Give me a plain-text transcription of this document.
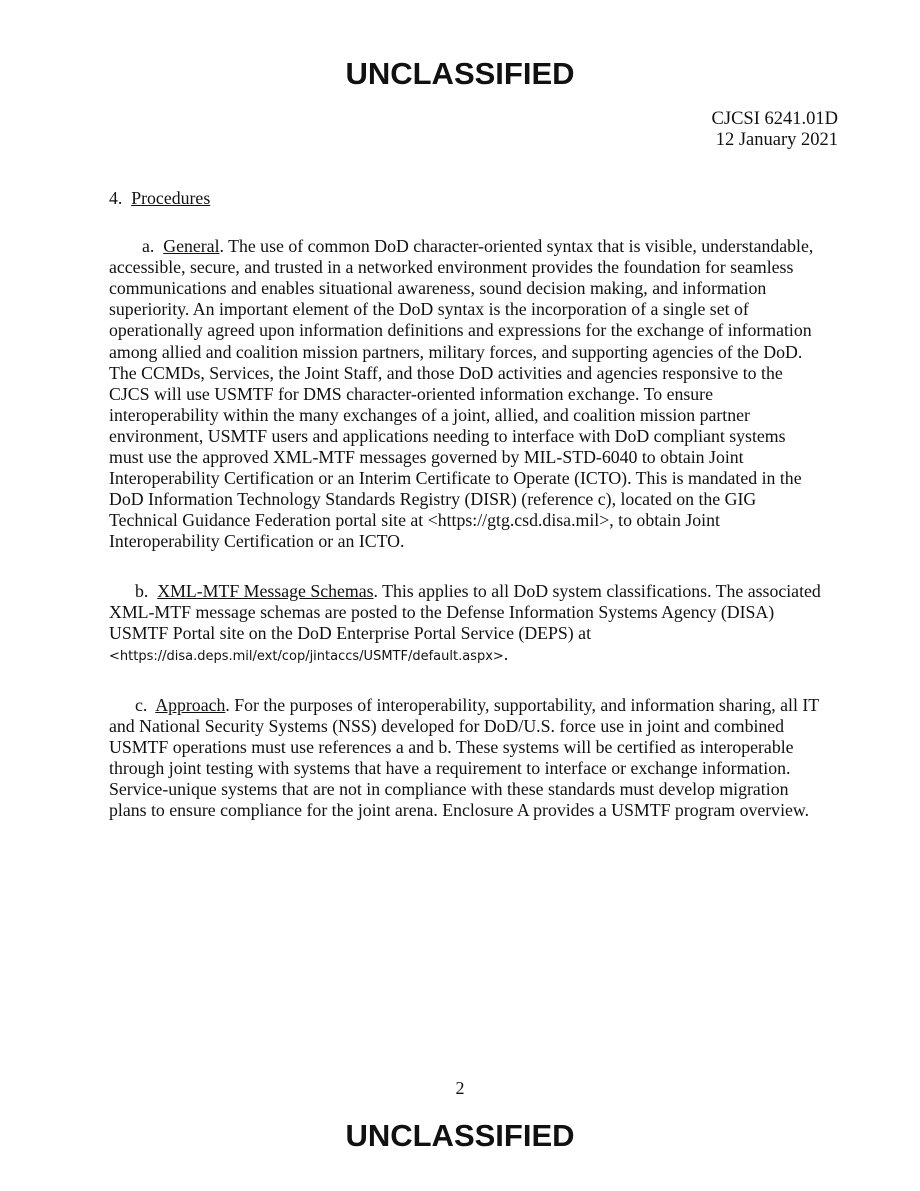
UNCLASSIFIED
CJCSI 6241.01D
12 January 2021
4. Procedures
a. General. The use of common DoD character-oriented syntax that is visible, understandable, accessible, secure, and trusted in a networked environment provides the foundation for seamless communications and enables situational awareness, sound decision making, and information superiority. An important element of the DoD syntax is the incorporation of a single set of operationally agreed upon information definitions and expressions for the exchange of information among allied and coalition mission partners, military forces, and supporting agencies of the DoD. The CCMDs, Services, the Joint Staff, and those DoD activities and agencies responsive to the CJCS will use USMTF for DMS character-oriented information exchange. To ensure interoperability within the many exchanges of a joint, allied, and coalition mission partner environment, USMTF users and applications needing to interface with DoD compliant systems must use the approved XML-MTF messages governed by MIL-STD-6040 to obtain Joint Interoperability Certification or an Interim Certificate to Operate (ICTO). This is mandated in the DoD Information Technology Standards Registry (DISR) (reference c), located on the GIG Technical Guidance Federation portal site at <https://gtg.csd.disa.mil>, to obtain Joint Interoperability Certification or an ICTO.
b. XML-MTF Message Schemas. This applies to all DoD system classifications. The associated XML-MTF message schemas are posted to the Defense Information Systems Agency (DISA) USMTF Portal site on the DoD Enterprise Portal Service (DEPS) at
<https://disa.deps.mil/ext/cop/jintaccs/USMTF/default.aspx>.
c. Approach. For the purposes of interoperability, supportability, and information sharing, all IT and National Security Systems (NSS) developed for DoD/U.S. force use in joint and combined USMTF operations must use references a and b. These systems will be certified as interoperable through joint testing with systems that have a requirement to interface or exchange information. Service-unique systems that are not in compliance with these standards must develop migration plans to ensure compliance for the joint arena. Enclosure A provides a USMTF program overview.
2
UNCLASSIFIED
